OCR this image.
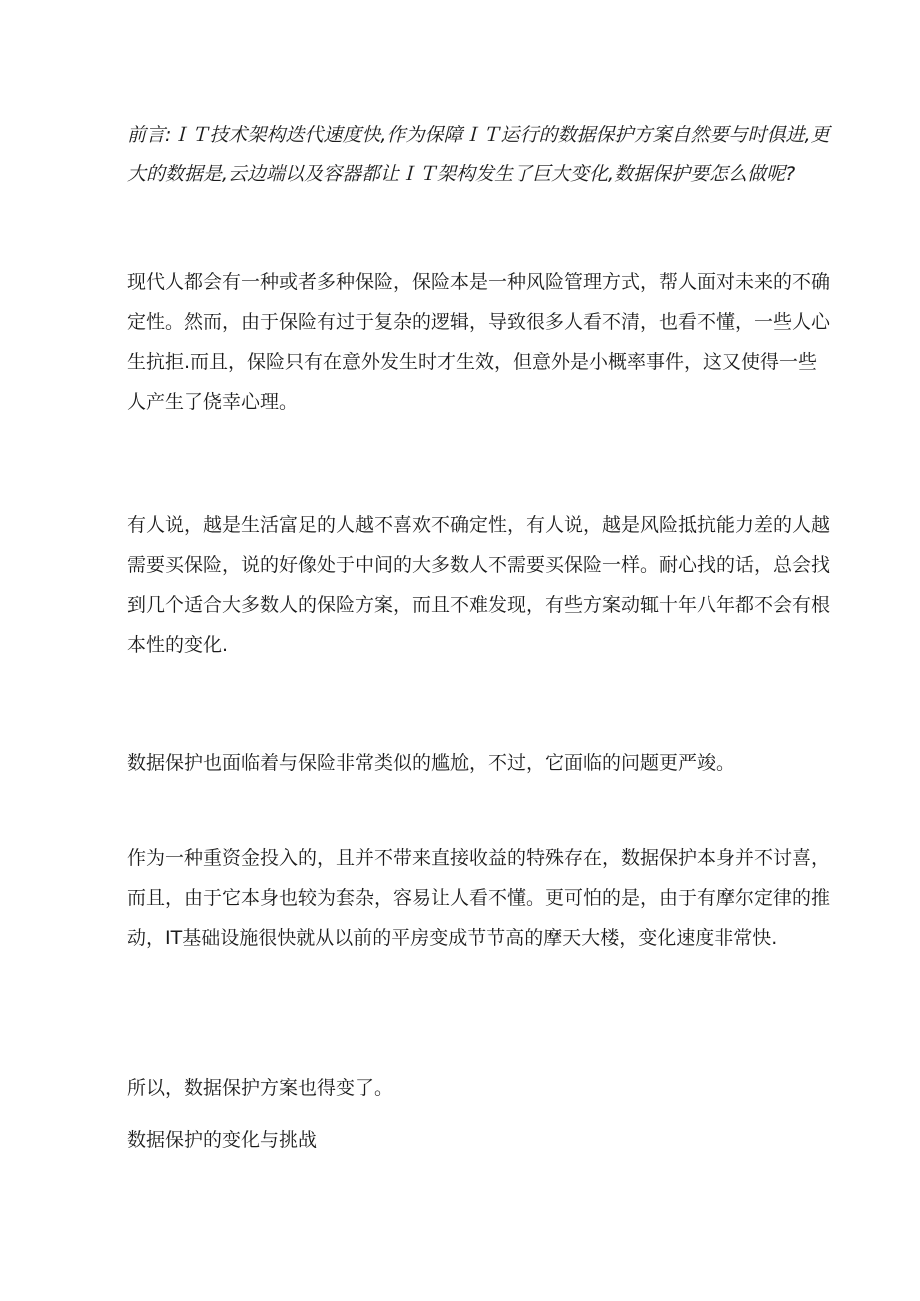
前言:ＩＴ技术架构迭代速度快,作为保障ＩＴ运行的数据保护方案自然要与时俱进,更
大的数据是,云边端以及容器都让ＩＴ架构发生了巨大变化,数据保护要怎么做呢?

现代人都会有一种或者多种保险，保险本是一种风险管理方式，帮人面对未来的不确
定性。然而，由于保险有过于复杂的逻辑，导致很多人看不清，也看不懂，一些人心
生抗拒.而且，保险只有在意外发生时才生效，但意外是小概率事件，这又使得一些
人产生了侥幸心理。

有人说，越是生活富足的人越不喜欢不确定性，有人说，越是风险抵抗能力差的人越
需要买保险，说的好像处于中间的大多数人不需要买保险一样。耐心找的话，总会找
到几个适合大多数人的保险方案，而且不难发现，有些方案动辄十年八年都不会有根
本性的变化.

数据保护也面临着与保险非常类似的尴尬，不过，它面临的问题更严竣。

作为一种重资金投入的，且并不带来直接收益的特殊存在，数据保护本身并不讨喜，
而且，由于它本身也较为套杂，容易让人看不懂。更可怕的是，由于有摩尔定律的推
动，IT基础设施很快就从以前的平房变成节节高的摩天大楼，变化速度非常快.

所以，数据保护方案也得变了。

数据保护的变化与挑战
